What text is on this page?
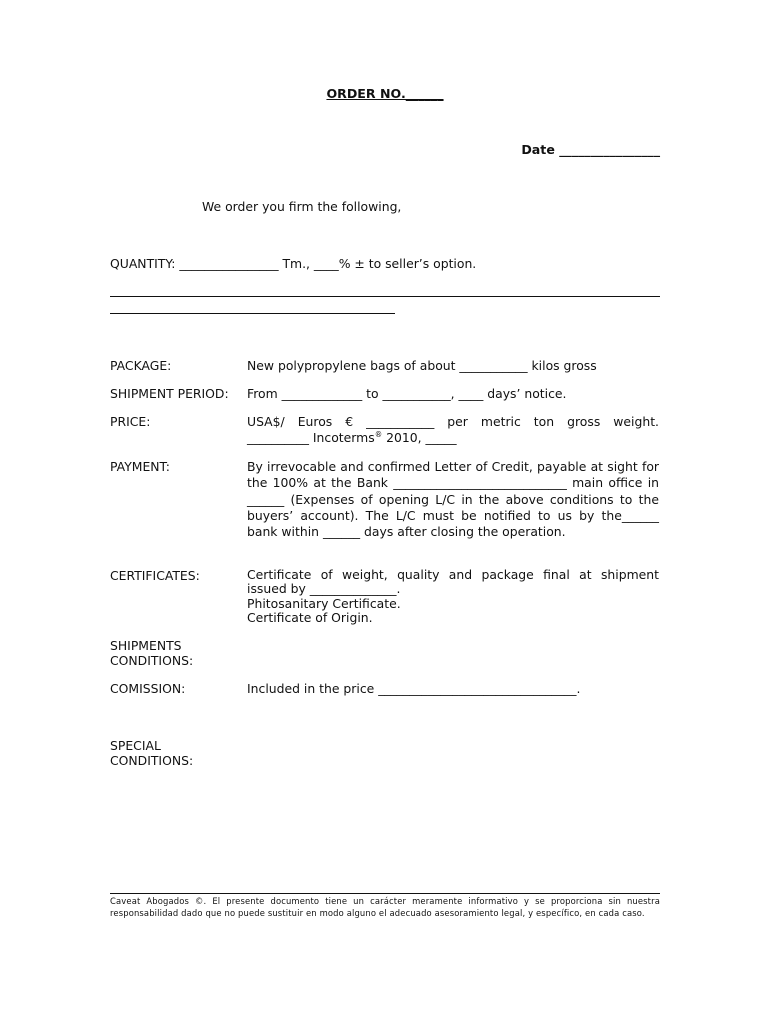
ORDER NO.______
Date ________________
We order you firm the following,
QUANTITY: ________________ Tm., ____% ± to seller’s option.
PACKAGE:	New polypropylene bags of about ___________ kilos gross
SHIPMENT PERIOD: From _____________ to ___________, ____ days’ notice.
PRICE:	USA$/ Euros € ___________ per metric ton gross weight.
__________ Incoterms® 2010, _____
PAYMENT:	By irrevocable and confirmed Letter of Credit, payable at sight for the 100% at the Bank ____________________________ main office in ______ (Expenses of opening L/C in the above conditions to the buyers’ account). The L/C must be notified to us by the______ bank within ______ days after closing the operation.
CERTIFICATES:	Certificate of weight, quality and package final at shipment
issued by ______________.
Phitosanitary Certificate.
Certificate of Origin.
SHIPMENTS
CONDITIONS:
COMISSION:	Included in the price ________________________________.
SPECIAL
CONDITIONS:
Caveat Abogados ©. El presente documento tiene un carácter meramente informativo y se proporciona sin nuestra responsabilidad dado que no puede sustituir en modo alguno el adecuado asesoramiento legal, y específico, en cada caso.
